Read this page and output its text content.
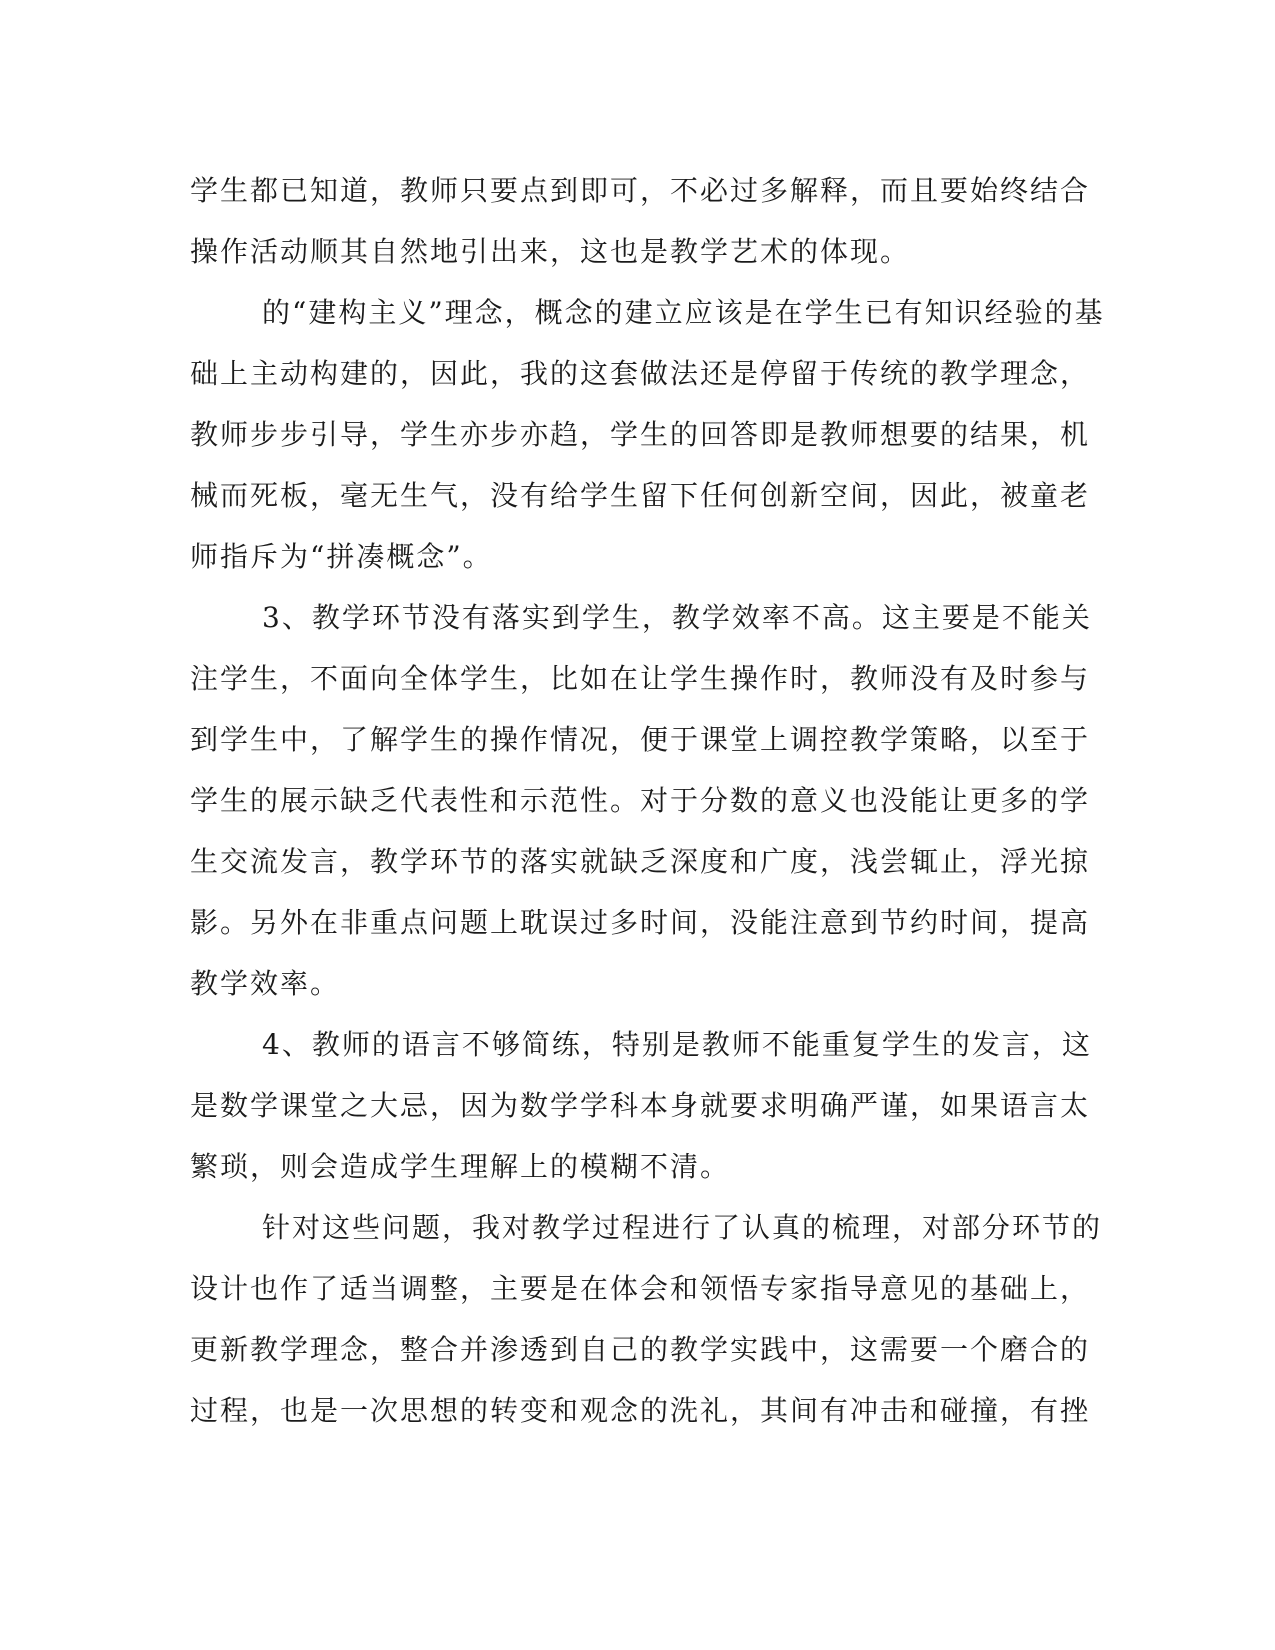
学生都已知道，教师只要点到即可，不必过多解释，而且要始终结合
操作活动顺其自然地引出来，这也是教学艺术的体现。
的“建构主义”理念，概念的建立应该是在学生已有知识经验的基
础上主动构建的，因此，我的这套做法还是停留于传统的教学理念，
教师步步引导，学生亦步亦趋，学生的回答即是教师想要的结果，机
械而死板，毫无生气，没有给学生留下任何创新空间，因此，被童老
师指斥为“拼凑概念”。
3、教学环节没有落实到学生，教学效率不高。这主要是不能关
注学生，不面向全体学生，比如在让学生操作时，教师没有及时参与
到学生中，了解学生的操作情况，便于课堂上调控教学策略，以至于
学生的展示缺乏代表性和示范性。对于分数的意义也没能让更多的学
生交流发言，教学环节的落实就缺乏深度和广度，浅尝辄止，浮光掠
影。另外在非重点问题上耽误过多时间，没能注意到节约时间，提高
教学效率。
4、教师的语言不够简练，特别是教师不能重复学生的发言，这
是数学课堂之大忌，因为数学学科本身就要求明确严谨，如果语言太
繁琐，则会造成学生理解上的模糊不清。
针对这些问题，我对教学过程进行了认真的梳理，对部分环节的
设计也作了适当调整，主要是在体会和领悟专家指导意见的基础上，
更新教学理念，整合并渗透到自己的教学实践中，这需要一个磨合的
过程，也是一次思想的转变和观念的洗礼，其间有冲击和碰撞，有挫
